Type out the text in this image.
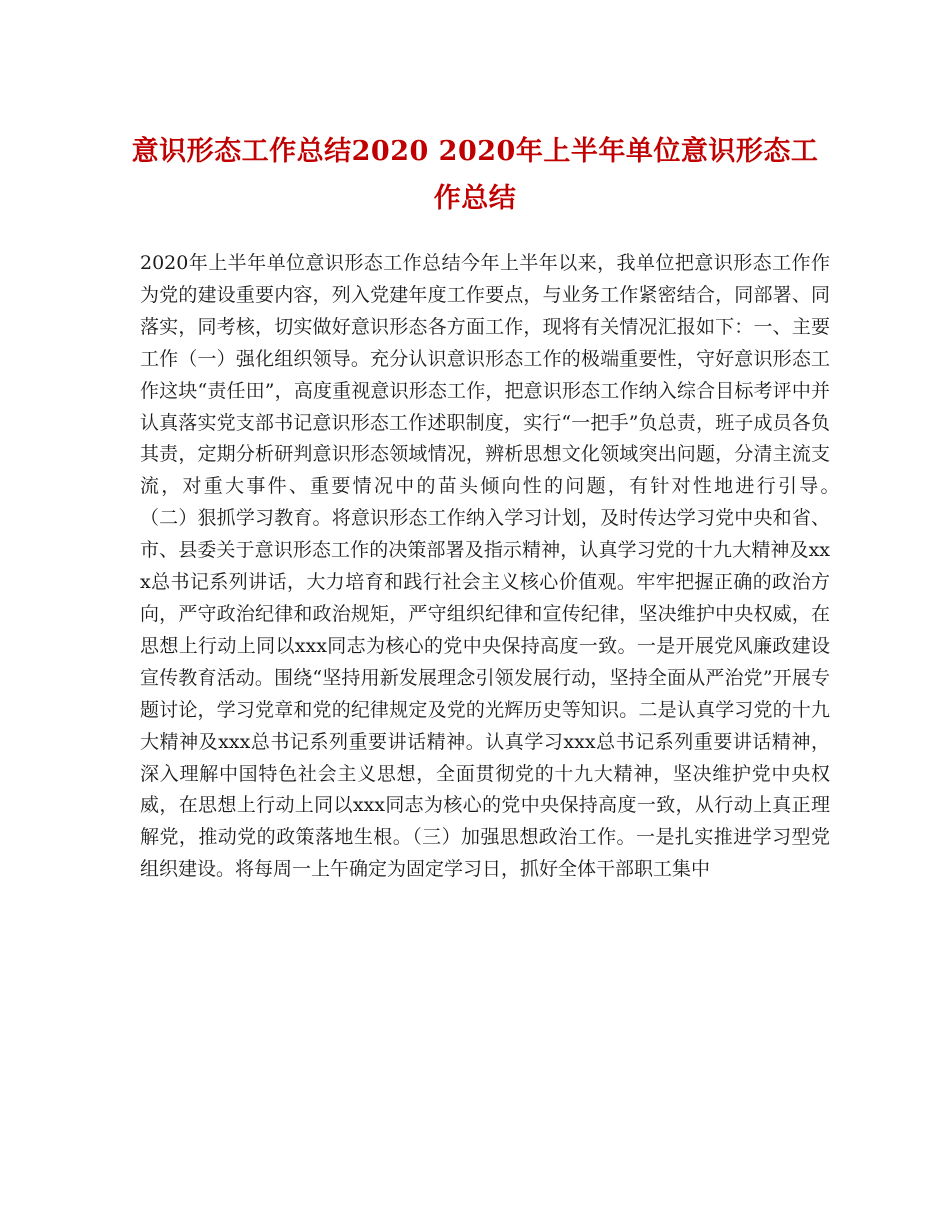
意识形态工作总结2020 2020年上半年单位意识形态工作总结

2020年上半年单位意识形态工作总结今年上半年以来，我单位把意识形态工作作为党的建设重要内容，列入党建年度工作要点，与业务工作紧密结合，同部署、同落实，同考核，切实做好意识形态各方面工作，现将有关情况汇报如下：一、主要工作（一）强化组织领导。充分认识意识形态工作的极端重要性，守好意识形态工作这块“责任田”，高度重视意识形态工作，把意识形态工作纳入综合目标考评中并认真落实党支部书记意识形态工作述职制度，实行“一把手”负总责，班子成员各负其责，定期分析研判意识形态领域情况，辨析思想文化领域突出问题，分清主流支流，对重大事件、重要情况中的苗头倾向性的问题，有针对性地进行引导。　　（二）狠抓学习教育。将意识形态工作纳入学习计划，及时传达学习党中央和省、市、县委关于意识形态工作的决策部署及指示精神，认真学习党的十九大精神及xxx总书记系列讲话，大力培育和践行社会主义核心价值观。牢牢把握正确的政治方向，严守政治纪律和政治规矩，严守组织纪律和宣传纪律，坚决维护中央权威，在思想上行动上同以xxx同志为核心的党中央保持高度一致。一是开展党风廉政建设宣传教育活动。围绕“坚持用新发展理念引领发展行动，坚持全面从严治党”开展专题讨论，学习党章和党的纪律规定及党的光辉历史等知识。二是认真学习党的十九大精神及xxx总书记系列重要讲话精神。认真学习xxx总书记系列重要讲话精神，深入理解中国特色社会主义思想，全面贯彻党的十九大精神，坚决维护党中央权威，在思想上行动上同以xxx同志为核心的党中央保持高度一致，从行动上真正理解党，推动党的政策落地生根。（三）加强思想政治工作。一是扎实推进学习型党组织建设。将每周一上午确定为固定学习日，抓好全体干部职工集中
